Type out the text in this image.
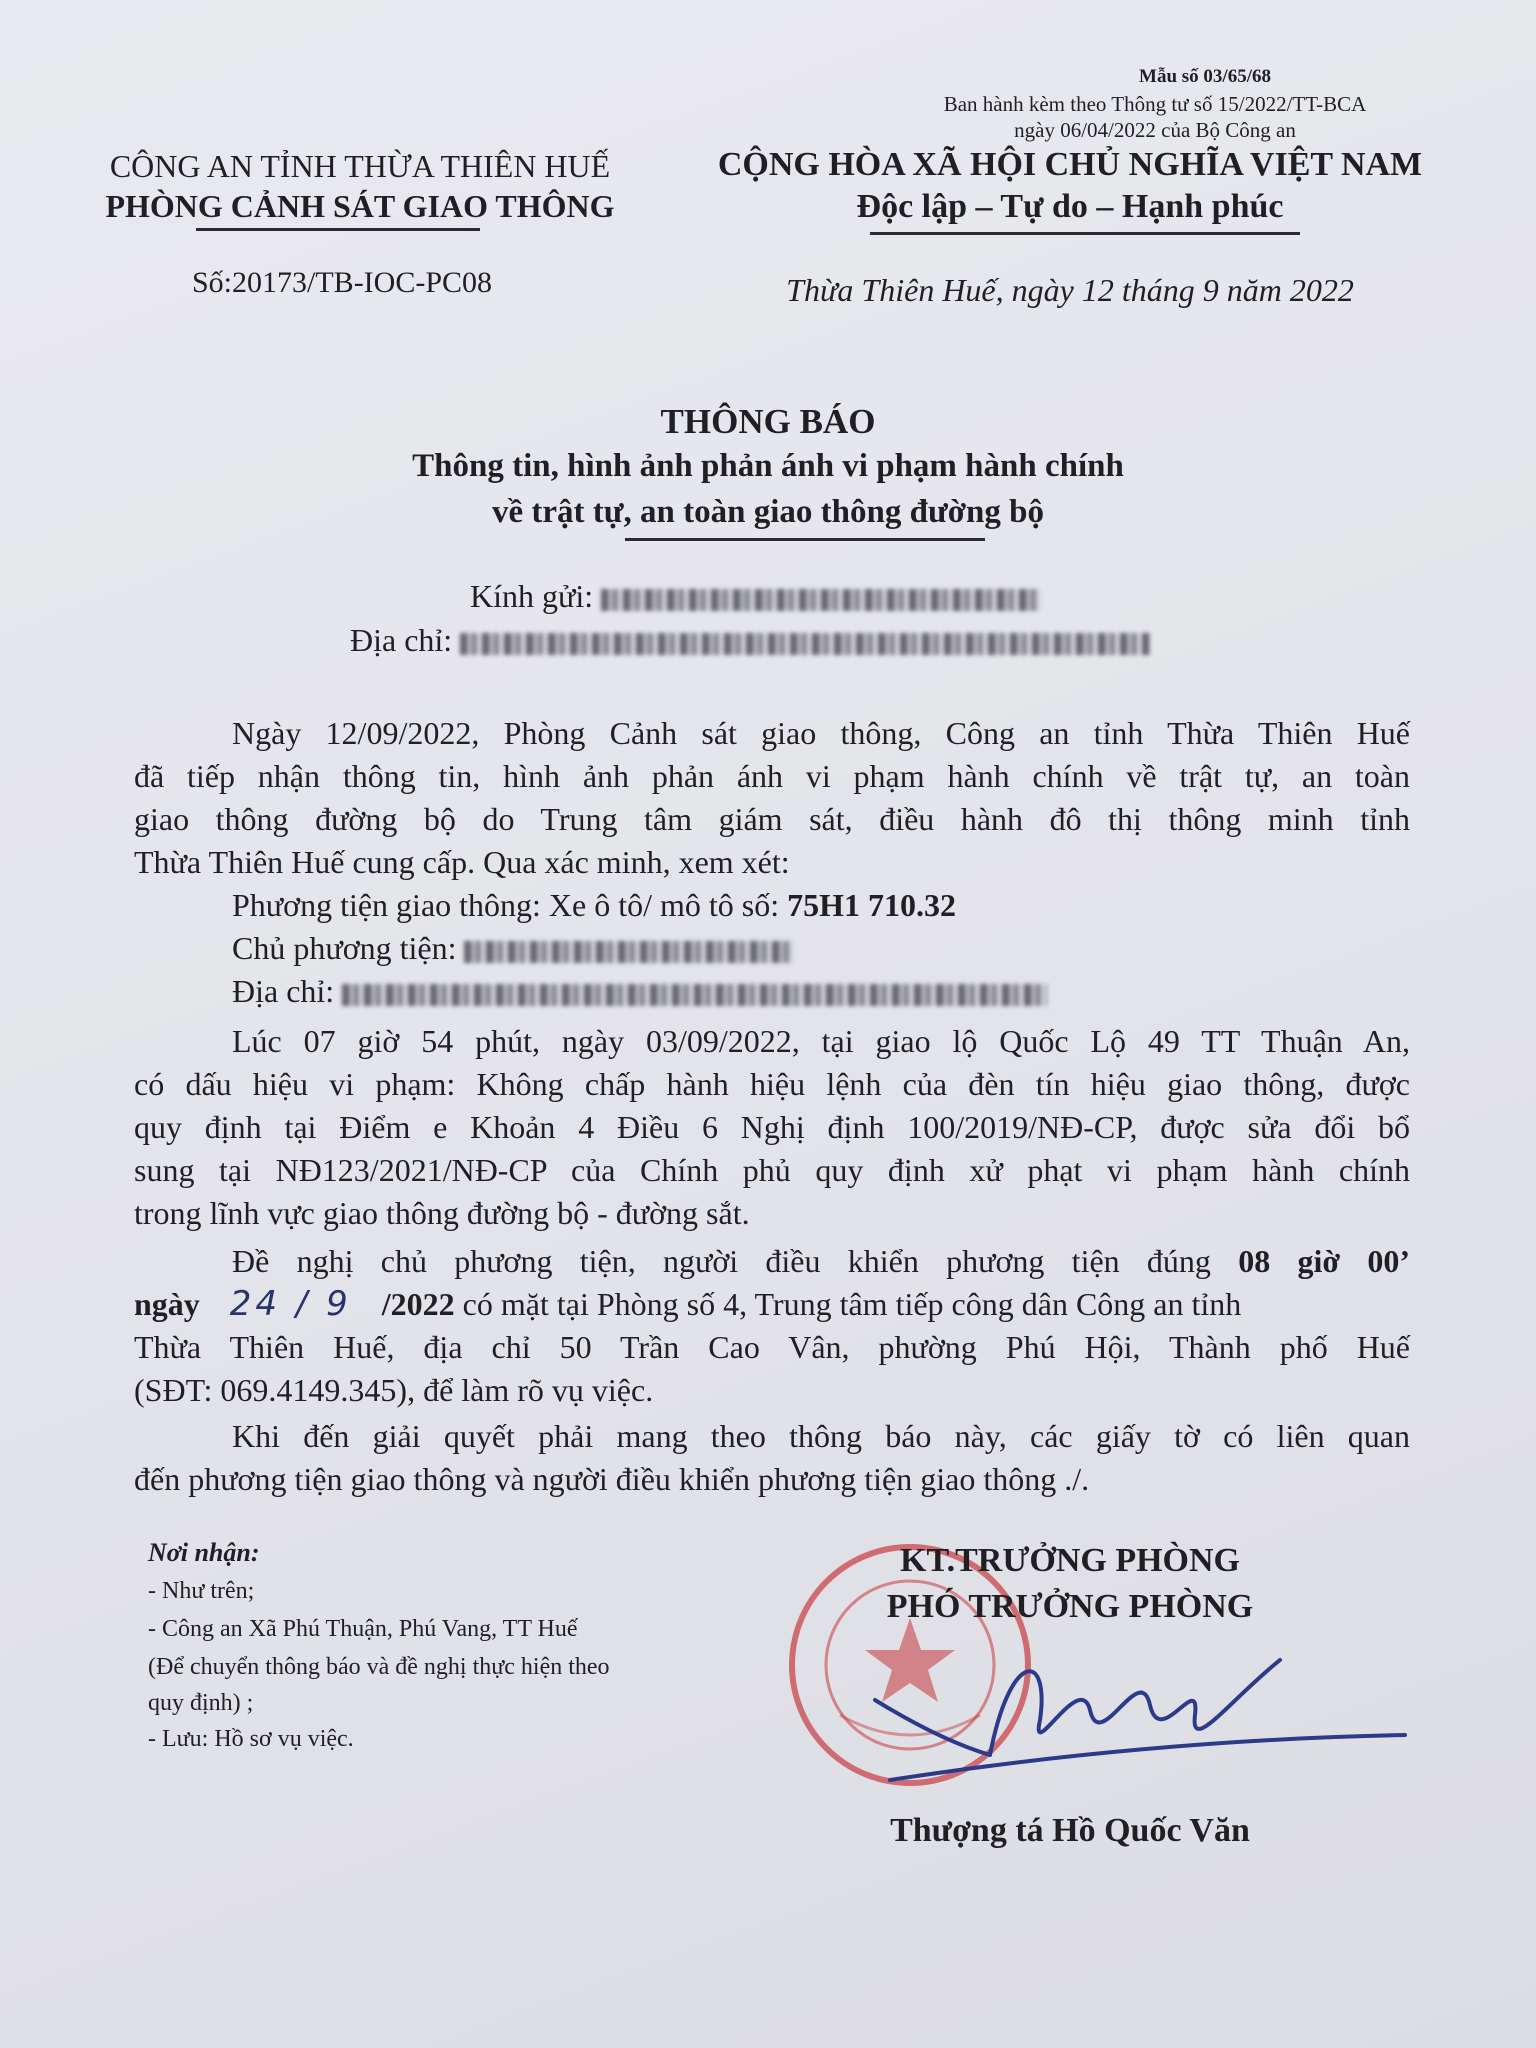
Mẫu số 03/65/68
Ban hành kèm theo Thông tư số 15/2022/TT-BCA
ngày 06/04/2022 của Bộ Công an
CÔNG AN TỈNH THỪA THIÊN HUẾ
PHÒNG CẢNH SÁT GIAO THÔNG
Số:20173/TB-IOC-PC08
CỘNG HÒA XÃ HỘI CHỦ NGHĨA VIỆT NAM
Độc lập – Tự do – Hạnh phúc
Thừa Thiên Huế, ngày 12 tháng 9 năm 2022
THÔNG BÁO
Thông tin, hình ảnh phản ánh vi phạm hành chính
về trật tự, an toàn giao thông đường bộ
Kính gửi:
Địa chỉ:
Ngày 12/09/2022, Phòng Cảnh sát giao thông, Công an tỉnh Thừa Thiên Huế
đã tiếp nhận thông tin, hình ảnh phản ánh vi phạm hành chính về trật tự, an toàn
giao thông đường bộ do Trung tâm giám sát, điều hành đô thị thông minh tỉnh
Thừa Thiên Huế cung cấp. Qua xác minh, xem xét:
Phương tiện giao thông: Xe ô tô/ mô tô số: 75H1 710.32
Chủ phương tiện:
Địa chỉ:
Lúc 07 giờ 54 phút, ngày 03/09/2022, tại giao lộ Quốc Lộ 49 TT Thuận An,
có dấu hiệu vi phạm: Không chấp hành hiệu lệnh của đèn tín hiệu giao thông, được
quy định tại Điểm e Khoản 4 Điều 6 Nghị định 100/2019/NĐ-CP, được sửa đổi bổ
sung tại NĐ123/2021/NĐ-CP của Chính phủ quy định xử phạt vi phạm hành chính
trong lĩnh vực giao thông đường bộ - đường sắt.
Đề nghị chủ phương tiện, người điều khiển phương tiện đúng 08 giờ 00’
ngày 24 / 9 /2022 có mặt tại Phòng số 4, Trung tâm tiếp công dân Công an tỉnh
Thừa Thiên Huế, địa chỉ 50 Trần Cao Vân, phường Phú Hội, Thành phố Huế
(SĐT: 069.4149.345), để làm rõ vụ việc.
Khi đến giải quyết phải mang theo thông báo này, các giấy tờ có liên quan
đến phương tiện giao thông và người điều khiển phương tiện giao thông ./.
Nơi nhận:
- Như trên;
- Công an Xã Phú Thuận, Phú Vang, TT Huế
(Để chuyển thông báo và đề nghị thực hiện theo
quy định) ;
- Lưu: Hồ sơ vụ việc.
KT.TRƯỞNG PHÒNG
PHÓ TRƯỞNG PHÒNG
Thượng tá Hồ Quốc Văn
